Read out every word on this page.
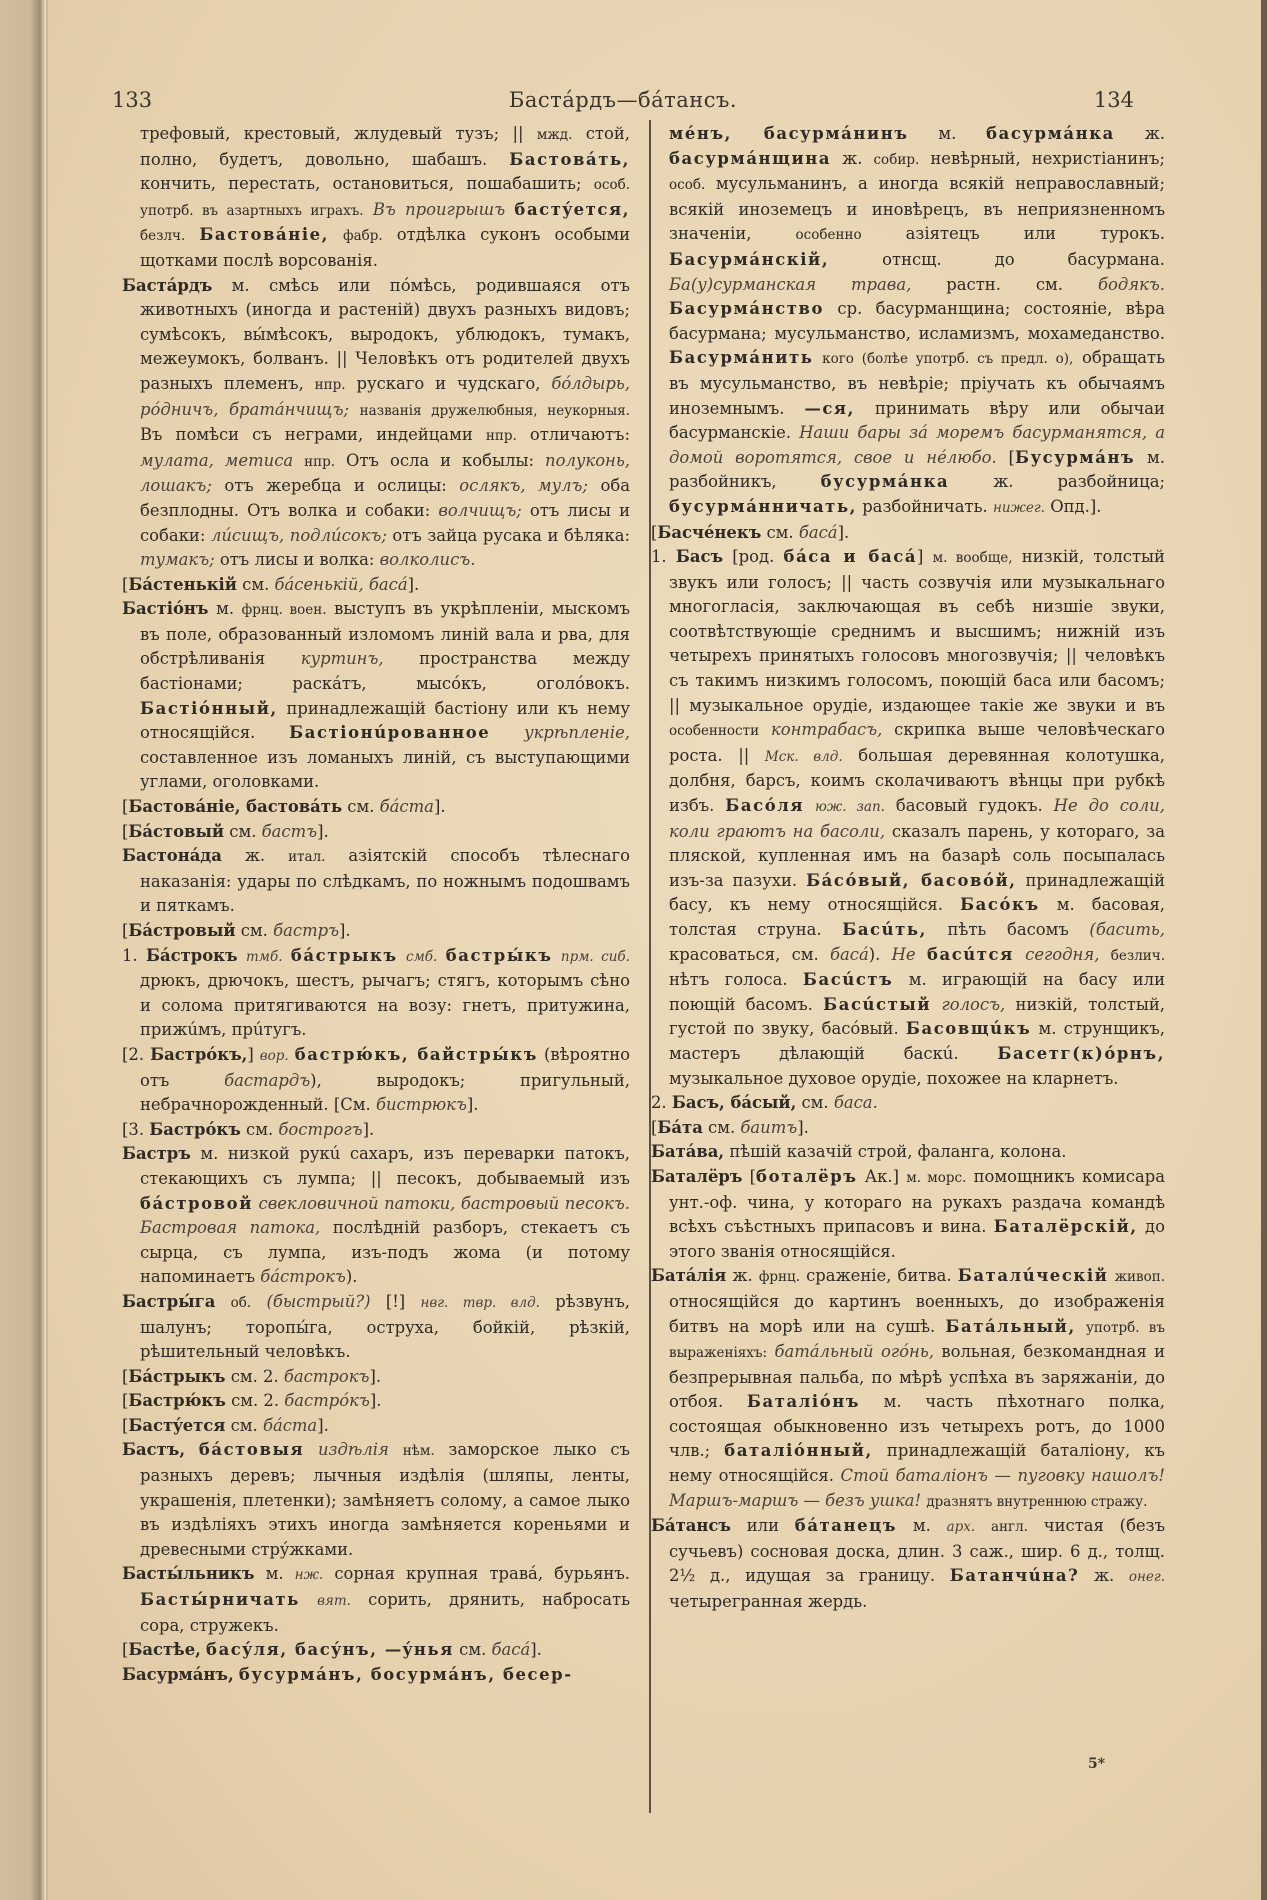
133	Бастáрдъ—бáтансъ.	134

трефовый, крестовый, жлудевый тузъ; || мжд. стой, полно, будетъ, довольно, шабашъ. Бастовáть, кончить, перестать, остановиться, пошабашить; особ. употрб. въ азартныхъ играхъ. Въ проигрышъ бастýется, безлч. Бастовáніе, фабр. отдѣлка суконъ особыми щотками послѣ ворсованія.

Бастáрдъ м. смѣсь или пóмѣсь, родившаяся отъ животныхъ (иногда и растеній) двухъ разныхъ видовъ; сумѣсокъ, вы́мѣсокъ, выродокъ, ублюдокъ, тумакъ, межеумокъ, болванъ. || Человѣкъ отъ родителей двухъ разныхъ племенъ, нпр. рускаго и чудскаго, бóлдырь, рóдничъ, братáнчищъ; названія дружелюбныя, неукорныя. Въ помѣси съ неграми, индейцами нпр. отличаютъ: мулата, метиса нпр. Отъ осла и кобылы: полуконь, лошакъ; отъ жеребца и ослицы: ослякъ, мулъ; оба безплодны. Отъ волка и собаки: волчищъ; отъ лисы и собаки: лúсищъ, подлúсокъ; отъ зайца русака и бѣляка: тумакъ; отъ лисы и волка: волколисъ.

[Бáстенькій см. бáсенькій, басá].

Бастіóнъ м. фрнц. воен. выступъ въ укрѣпленіи, мыскомъ въ поле, образованный изломомъ линій вала и рва, для обстрѣливанія куртинъ, пространства между бастіонами; раскáтъ, мысóкъ, оголóвокъ. Бастіóнный, принадлежащій бастіону или къ нему относящійся. Бастіонúрованное укрѣпленіе, составленное изъ ломаныхъ линій, съ выступающими углами, оголовками.

[Бастовáніе, бастовáть см. бáста].

[Бáстовый см. бастъ].

Бастонáда ж. итал. азіятскій способъ тѣлеснаго наказанія: удары по слѣдкамъ, по ножнымъ подошвамъ и пяткамъ.

[Бáстровый см. бастръ].

1. Бáстрокъ тмб. бáстрыкъ смб. бастры́къ прм. сиб. дрюкъ, дрючокъ, шестъ, рычагъ; стягъ, которымъ сѣно и солома притягиваются на возу: гнетъ, притужина, прижúмъ, прúтугъ.

[2. Бастрóкъ,] вор. бастрю́къ, байстры́къ (вѣроятно отъ бастардъ), выродокъ; пригульный, небрачнорожденный. [См. бистрюкъ].

[3. Бастрóкъ см. бострогъ].

Бастръ м. низкой рукú сахаръ, изъ переварки патокъ, стекающихъ съ лумпа; || песокъ, добываемый изъ бáстровой свекловичной патоки, бастровый песокъ. Бастровая патока, послѣдній разборъ, стекаетъ съ сырца, съ лумпа, изъ-подъ жома (и потому напоминаетъ бáстрокъ).

Бастры́га об. (быстрый?) [!] нвг. твр. влд. рѣзвунъ, шалунъ; торопы́га, оструха, бойкій, рѣзкій, рѣшительный человѣкъ.

[Бáстрыкъ см. 2. бастрокъ].

[Бастрю́къ см. 2. бастрóкъ].

[Бастýется см. бáста].

Бастъ, бáстовыя издѣлія нѣм. заморское лыко съ разныхъ деревъ; лычныя издѣлія (шляпы, ленты, украшенія, плетенки); замѣняетъ солому, а самое лыко въ издѣліяхъ этихъ иногда замѣняется кореньями и древесными стрýжками.

Басты́льникъ м. нж. сорная крупная травá, бурьянъ. Басты́рничать вят. сорить, дрянить, набросать сора, стружекъ.

[Бастѣе, басýля, басýнъ, —ýнья см. басá].

Басурмáнъ, бусурмáнъ, босурмáнъ, бесер-

мéнъ, басурмáнинъ м. басурмáнка ж. басурмáнщина ж. собир. невѣрный, нехристіанинъ; особ. мусульманинъ, а иногда всякій неправославный; всякій иноземецъ и иновѣрецъ, въ неприязненномъ значеніи, особенно азіятецъ или турокъ. Басурмáнскій, отнсщ. до басурмана. Ба(у)сурманская трава, растн. см. бодякъ. Басурмáнство ср. басурманщина; состояніе, вѣра басурмана; мусульманство, исламизмъ, мохамеданство. Басурмáнить кого (болѣе употрб. съ предл. о), обращать въ мусульманство, въ невѣріе; пріучать къ обычаямъ иноземнымъ. —ся, принимать вѣру или обычаи басурманскіе. Наши бары зá моремъ басурманятся, а домой воротятся, свое и нéлюбо. [Бусурмáнъ м. разбойникъ, бусурмáнка ж. разбойница; бусурмáнничать, разбойничать. нижег. Опд.].

[Басчéнекъ см. басá].

1. Басъ [род. бáса и басá] м. вообще, низкій, толстый звукъ или голосъ; || часть созвучія или музыкальнаго многогласія, заключающая въ себѣ низшіе звуки, соотвѣтствующіе среднимъ и высшимъ; нижній изъ четырехъ принятыхъ голосовъ многозвучія; || человѣкъ съ такимъ низкимъ голосомъ, поющій баса или басомъ; || музыкальное орудіе, издающее такіе же звуки и въ особенности контрабасъ, скрипка выше человѣческаго роста. || Мск. влд. большая деревянная колотушка, долбня, барсъ, коимъ сколачиваютъ вѣнцы при рубкѣ избъ. Басóля юж. зап. басовый гудокъ. Не до соли, коли граютъ на басоли, сказалъ парень, у котораго, за пляской, купленная имъ на базарѣ соль посыпалась изъ-за пазухи. Бáсóвый, басовóй, принадлежащій басу, къ нему относящійся. Басóкъ м. басовая, толстая струна. Басúть, пѣть басомъ (басить, красоваться, см. басá). Не басúтся сегодня, безлич. нѣтъ голоса. Басúстъ м. играющій на басу или поющій басомъ. Басúстый голосъ, низкій, толстый, густой по звуку, басóвый. Басовщúкъ м. струнщикъ, мастеръ дѣлающій баскú. Басетг(к)óрнъ, музыкальное духовое орудіе, похожее на кларнетъ.

2. Басъ, бáсый, см. баса.

[Бáта см. баитъ].

Батáва, пѣшій казачій строй, фаланга, колона.

Баталёръ [боталёръ Ак.] м. морс. помощникъ комисара унт.-оф. чина, у котораго на рукахъ раздача командѣ всѣхъ съѣстныхъ припасовъ и вина. Баталёрскій, до этого званія относящійся.

Батáлія ж. фрнц. сраженіе, битва. Баталúческій живоп. относящійся до картинъ военныхъ, до изображенія битвъ на морѣ или на сушѣ. Батáльный, употрб. въ выраженіяхъ: батáльный огóнь, вольная, безкомандная и безпрерывная пальба, по мѣрѣ успѣха въ заряжаніи, до отбоя. Баталіóнъ м. часть пѣхотнаго полка, состоящая обыкновенно изъ четырехъ ротъ, до 1000 члв.; баталіóнный, принадлежащій баталіону, къ нему относящійся. Стой баталіонъ — пуговку нашолъ! Маршъ-маршъ — безъ ушка! дразнятъ внутреннюю стражу.

Бáтансъ или бáтанецъ м. арх. англ. чистая (безъ сучьевъ) сосновая доска, длин. 3 саж., шир. 6 д., толщ. 2½ д., идущая за границу. Батанчúна? ж. онег. четырегранная жердь.

5*
